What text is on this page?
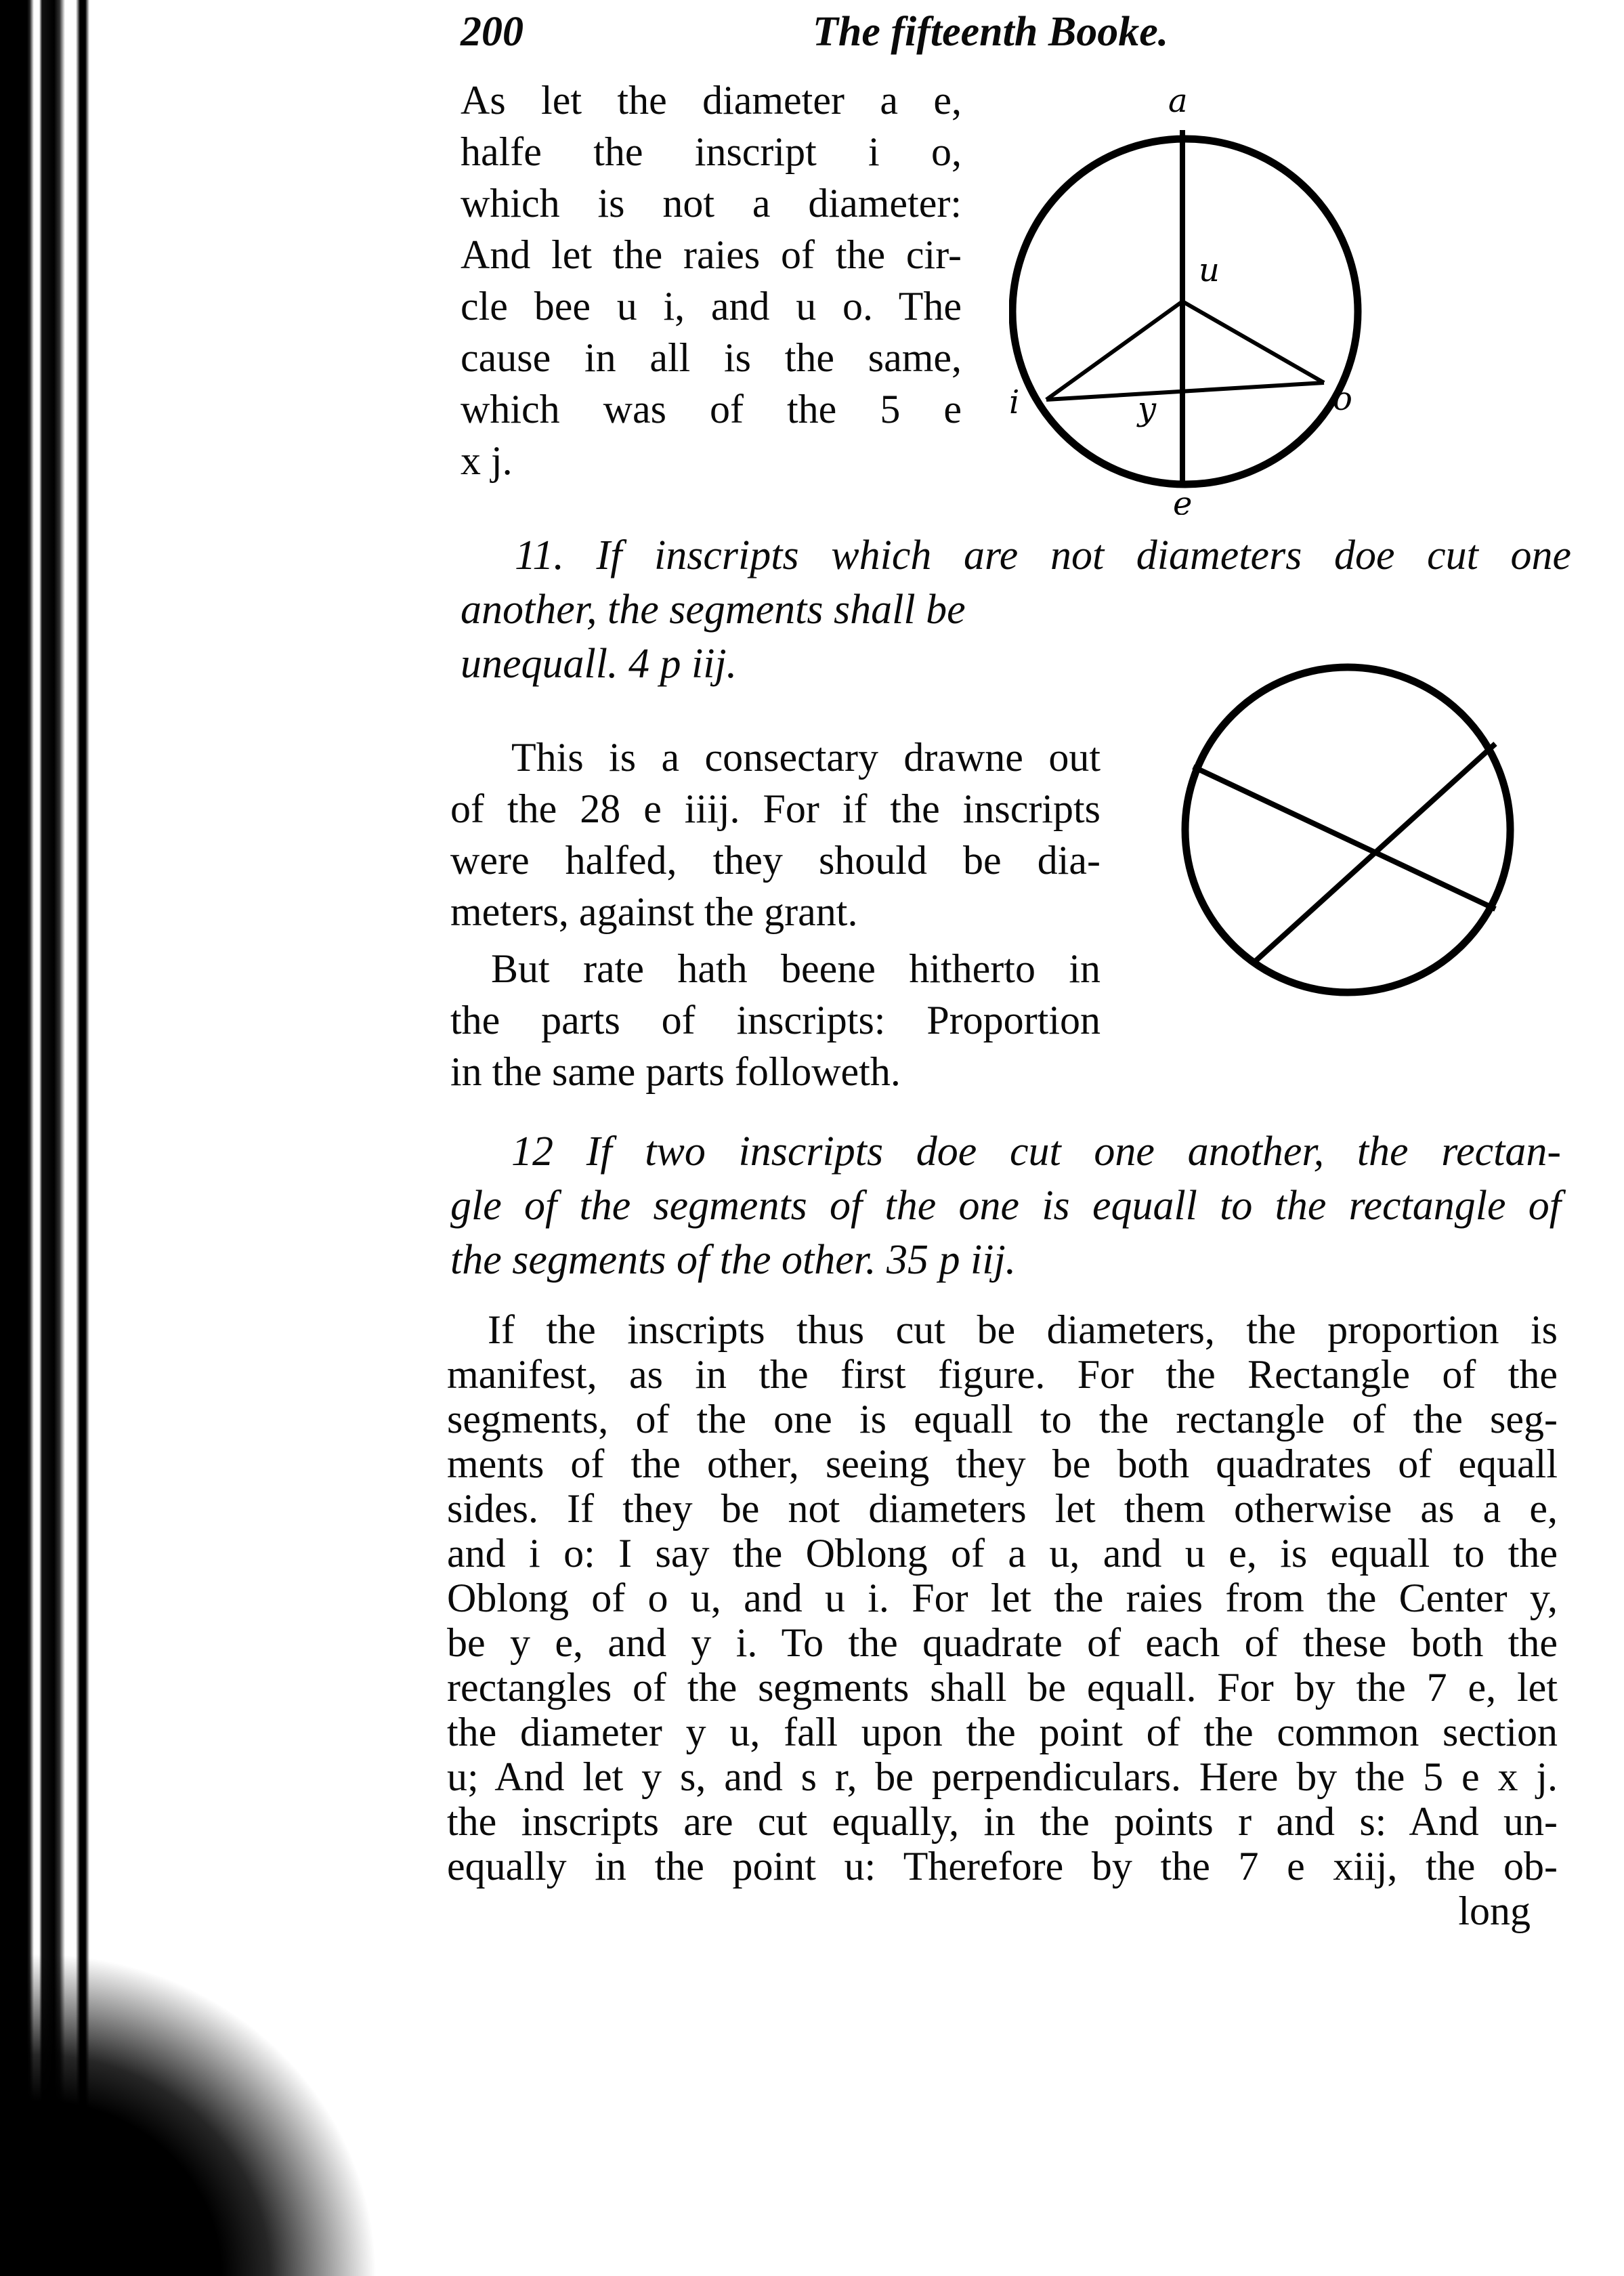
200	The fifteenth Booke.

As let the diameter a e,

halfe the inscript i o,

which is not a diameter:

And let the raies of the cir-

cle bee u i, and u o. The

cause in all is the same,

which was of the 5 e

x j.

a
u
i	o
y
e
11. If inscripts which are not diameters doe cut one
another, the segments shall be
unequall. 4 p iij.

This is a consectary drawne out

of the 28 e iiij. For if the inscripts

were halfed, they should be dia-

meters, against the grant.

But rate hath beene hitherto in

the parts of inscripts: Proportion

in the same parts followeth.

12 If two inscripts doe cut one another, the rectan-
gle of the segments of the one is equall to the rectangle of
the segments of the other. 35 p iij.

If the inscripts thus cut be diameters, the proportion is

manifest, as in the first figure. For the Rectangle of the

segments, of the one is equall to the rectangle of the seg-

ments of the other, seeing they be both quadrates of equall

sides. If they be not diameters let them otherwise as a e,

and i o: I say the Oblong of a u, and u e, is equall to the

Oblong of o u, and u i. For let the raies from the Center y,

be y e, and y i. To the quadrate of each of these both the

rectangles of the segments shall be equall. For by the 7 e, let

the diameter y u, fall upon the point of the common section

u; And let y s, and s r, be perpendiculars. Here by the 5 e x j.

the inscripts are cut equally, in the points r and s: And un-

equally in the point u: Therefore by the 7 e xiij, the ob-

long
